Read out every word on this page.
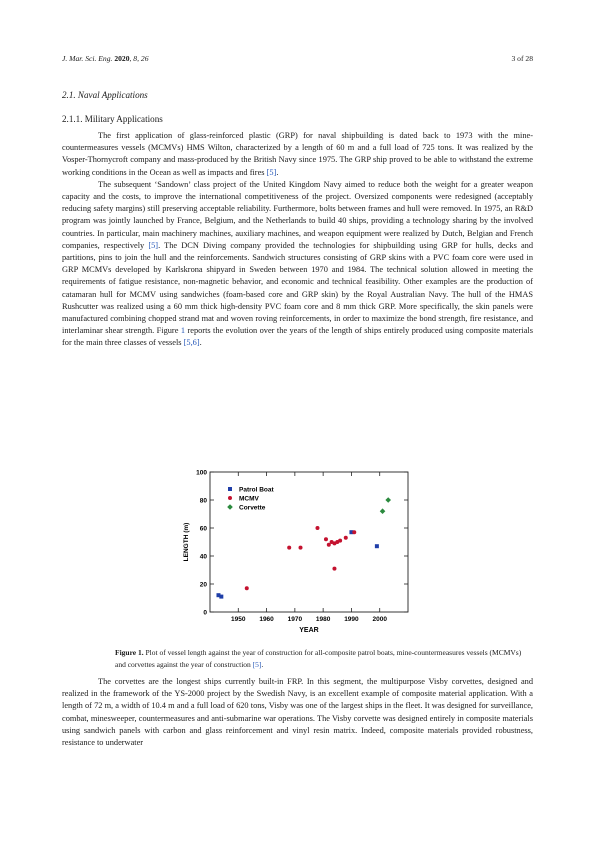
J. Mar. Sci. Eng. 2020, 8, 26	3 of 28
2.1. Naval Applications
2.1.1. Military Applications

The first application of glass-reinforced plastic (GRP) for naval shipbuilding is dated back to 1973 with the mine-countermeasures vessels (MCMVs) HMS Wilton, characterized by a length of 60 m and a full load of 725 tons. It was realized by the Vosper-Thornycroft company and mass-produced by the British Navy since 1975. The GRP ship proved to be able to withstand the extreme working conditions in the Ocean as well as impacts and fires [5].

The subsequent ‘Sandown’ class project of the United Kingdom Navy aimed to reduce both the weight for a greater weapon capacity and the costs, to improve the international competitiveness of the project. Oversized components were redesigned (acceptably reducing safety margins) still preserving acceptable reliability. Furthermore, bolts between frames and hull were removed. In 1975, an R&D program was jointly launched by France, Belgium, and the Netherlands to build 40 ships, providing a technology sharing by the involved countries. In particular, main machinery machines, auxiliary machines, and weapon equipment were realized by Dutch, Belgian and French companies, respectively [5]. The DCN Diving company provided the technologies for shipbuilding using GRP for hulls, decks and partitions, pins to join the hull and the reinforcements. Sandwich structures consisting of GRP skins with a PVC foam core were used in GRP MCMVs developed by Karlskrona shipyard in Sweden between 1970 and 1984. The technical solution allowed in meeting the requirements of fatigue resistance, non-magnetic behavior, and economic and technical feasibility. Other examples are the production of catamaran hull for MCMV using sandwiches (foam-based core and GRP skin) by the Royal Australian Navy. The hull of the HMAS Rushcutter was realized using a 60 mm thick high-density PVC foam core and 8 mm thick GRP. More specifically, the skin panels were manufactured combining chopped strand mat and woven roving reinforcements, in order to maximize the bond strength, fire resistance, and interlaminar shear strength. Figure 1 reports the evolution over the years of the length of ships entirely produced using composite materials for the main three classes of vessels [5,6].

0
20
40
60
80
100
1950 1960 1970 1980 1990 2000
Patrol Boat
MCMV
Corvette
YEAR
LENGTH (m)
Figure 1. Plot of vessel length against the year of construction for all-composite patrol boats, mine-countermeasures vessels (MCMVs) and corvettes against the year of construction [5].

The corvettes are the longest ships currently built-in FRP. In this segment, the multipurpose Visby corvettes, designed and realized in the framework of the YS-2000 project by the Swedish Navy, is an excellent example of composite material application. With a length of 72 m, a width of 10.4 m and a full load of 620 tons, Visby was one of the largest ships in the fleet. It was designed for surveillance, combat, minesweeper, countermeasures and anti-submarine war operations. The Visby corvette was designed entirely in composite materials using sandwich panels with carbon and glass reinforcement and vinyl resin matrix. Indeed, composite materials provided robustness, resistance to underwater
